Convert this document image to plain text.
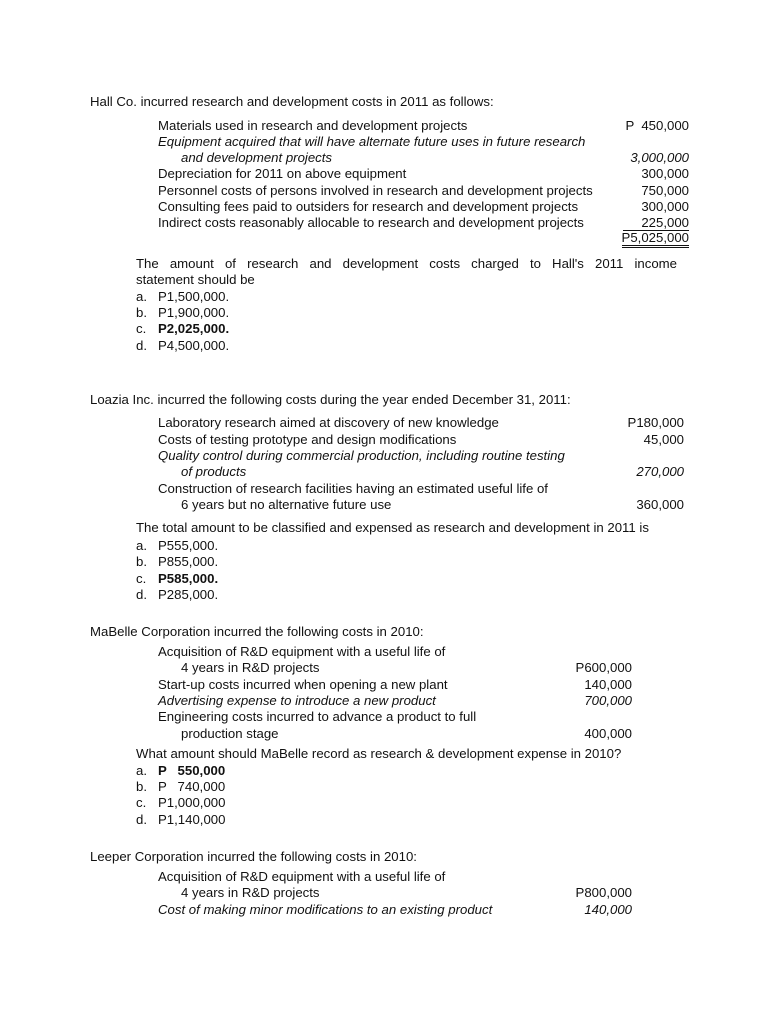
Hall Co. incurred research and development costs in 2011 as follows:
Materials used in research and development projects	P  450,000
Equipment acquired that will have alternate future uses in future research
and development projects	3,000,000
Depreciation for 2011 on above equipment	300,000
Personnel costs of persons involved in research and development projects	750,000
Consulting fees paid to outsiders for research and development projects	300,000
Indirect costs reasonably allocable to research and development projects	225,000
P5,025,000
The amount of research and development costs charged to Hall's 2011 income
statement should be
a. P1,500,000.
b. P1,900,000.
c. P2,025,000.
d. P4,500,000.
Loazia Inc. incurred the following costs during the year ended December 31, 2011:
Laboratory research aimed at discovery of new knowledge	P180,000
Costs of testing prototype and design modifications	45,000
Quality control during commercial production, including routine testing
of products	270,000
Construction of research facilities having an estimated useful life of
6 years but no alternative future use	360,000
The total amount to be classified and expensed as research and development in 2011 is
a. P555,000.
b. P855,000.
c. P585,000.
d. P285,000.
MaBelle Corporation incurred the following costs in 2010:
Acquisition of R&D equipment with a useful life of
4 years in R&D projects	P600,000
Start-up costs incurred when opening a new plant	140,000
Advertising expense to introduce a new product	700,000
Engineering costs incurred to advance a product to full
production stage	400,000
What amount should MaBelle record as research & development expense in 2010?
a. P   550,000
b. P   740,000
c. P1,000,000
d. P1,140,000
Leeper Corporation incurred the following costs in 2010:
Acquisition of R&D equipment with a useful life of
4 years in R&D projects	P800,000
Cost of making minor modifications to an existing product	140,000
